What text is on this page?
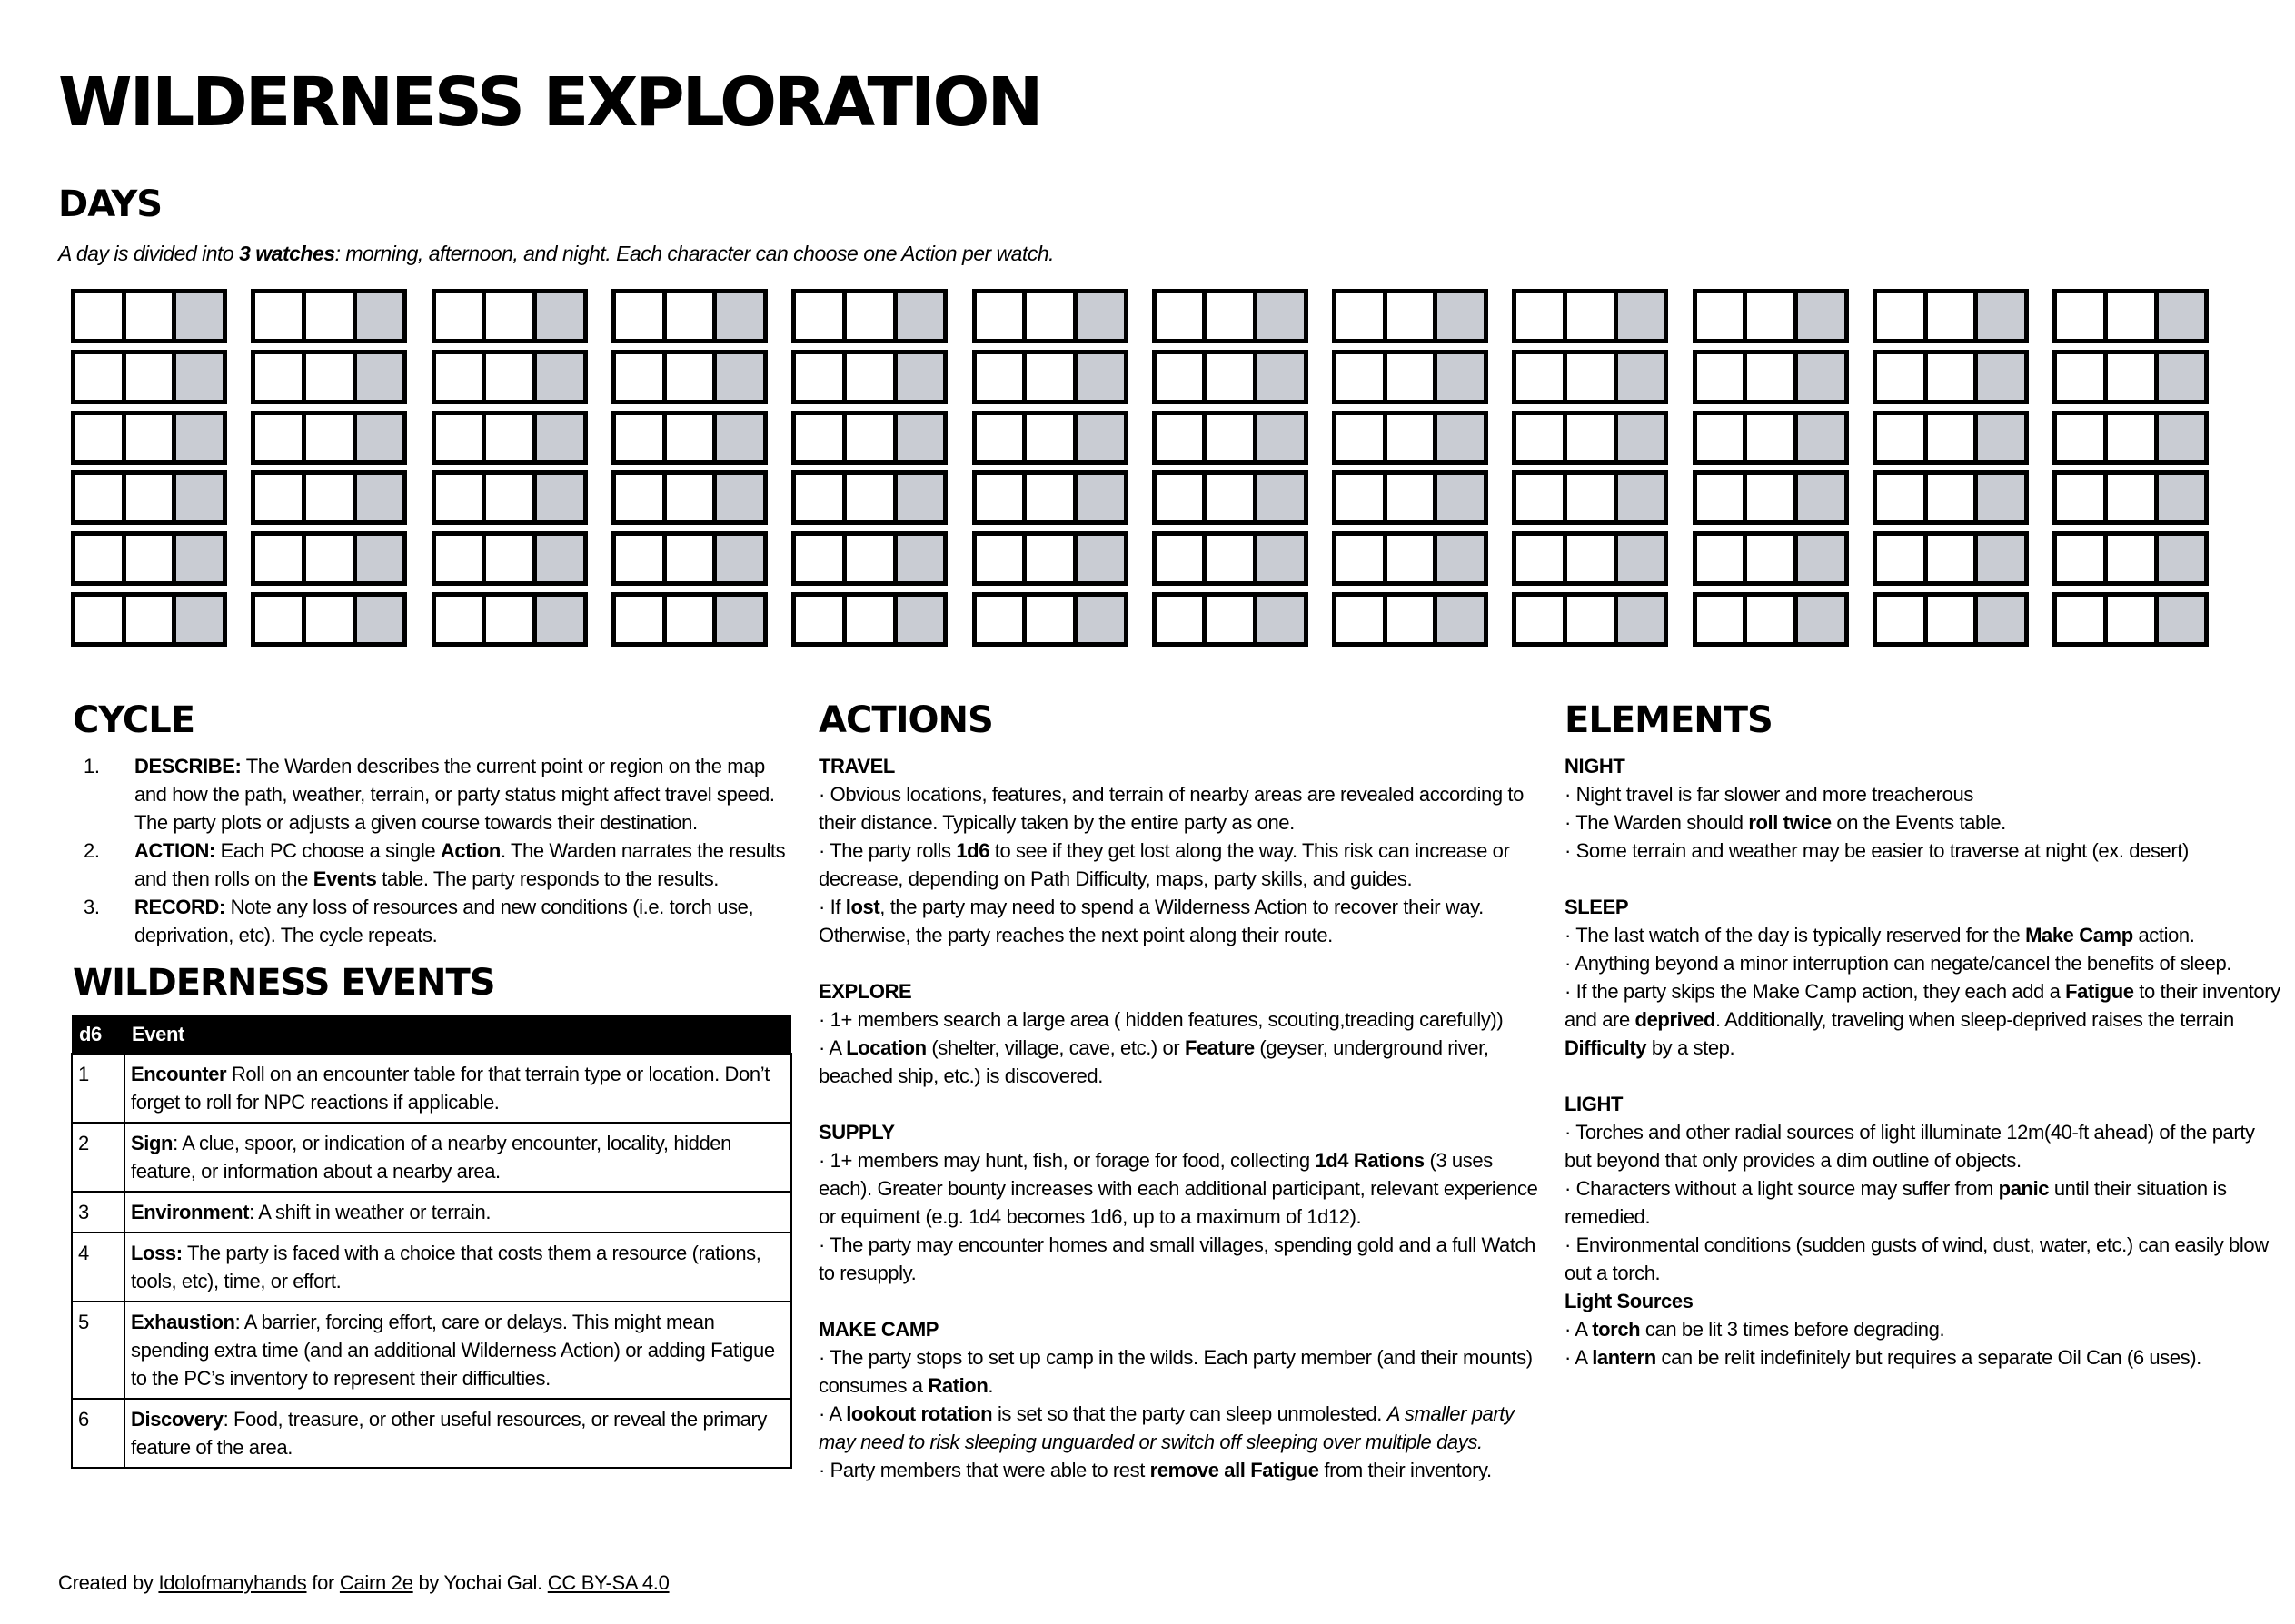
WILDERNESS EXPLORATION
DAYS
A day is divided into 3 watches: morning, afternoon, and night. Each character can choose one Action per watch.
CYCLE
1.	DESCRIBE: The Warden describes the current point or region on the map and how the path, weather, terrain, or party status might affect travel speed. The party plots or adjusts a given course towards their destination.
2.	ACTION: Each PC choose a single Action. The Warden narrates the results and then rolls on the Events table. The party responds to the results.
3.	RECORD: Note any loss of resources and new conditions (i.e. torch use, deprivation, etc). The cycle repeats.
WILDERNESS EVENTS
d6	Event
1	Encounter Roll on an encounter table for that terrain type or location. Don’t forget to roll for NPC reactions if applicable.
2	Sign: A clue, spoor, or indication of a nearby encounter, locality, hidden feature, or information about a nearby area.
3	Environment: A shift in weather or terrain.
4	Loss: The party is faced with a choice that costs them a resource (rations, tools, etc), time, or effort.
5	Exhaustion: A barrier, forcing effort, care or delays. This might mean spending extra time (and an additional Wilderness Action) or adding Fatigue to the PC’s inventory to represent their difficulties.
6	Discovery: Food, treasure, or other useful resources, or reveal the primary feature of the area.
ACTIONS

TRAVEL

· Obvious locations, features, and terrain of nearby areas are revealed according to their distance. Typically taken by the entire party as one.

· The party rolls 1d6 to see if they get lost along the way. This risk can increase or decrease, depending on Path Difficulty, maps, party skills, and guides.

· If lost, the party may need to spend a Wilderness Action to recover their way. Otherwise, the party reaches the next point along their route.

EXPLORE

· 1+ members search a large area ( hidden features, scouting,treading carefully))

· A Location (shelter, village, cave, etc.) or Feature (geyser, underground river, beached ship, etc.) is discovered.

SUPPLY

· 1+ members may hunt, fish, or forage for food, collecting 1d4 Rations (3 uses each). Greater bounty increases with each additional participant, relevant experience or equiment (e.g. 1d4 becomes 1d6, up to a maximum of 1d12).

· The party may encounter homes and small villages, spending gold and a full Watch to resupply.

MAKE CAMP

· The party stops to set up camp in the wilds. Each party member (and their mounts) consumes a Ration.

· A lookout rotation is set so that the party can sleep unmolested. A smaller party may need to risk sleeping unguarded or switch off sleeping over multiple days.

· Party members that were able to rest remove all Fatigue from their inventory.

ELEMENTS

NIGHT

· Night travel is far slower and more treacherous

· The Warden should roll twice on the Events table.

· Some terrain and weather may be easier to traverse at night (ex. desert)

SLEEP

· The last watch of the day is typically reserved for the Make Camp action.

· Anything beyond a minor interruption can negate/cancel the benefits of sleep.

· If the party skips the Make Camp action, they each add a Fatigue to their inventory and are deprived. Additionally, traveling when sleep-deprived raises the terrain Difficulty by a step.

LIGHT

· Torches and other radial sources of light illuminate 12m(40-ft ahead) of the party but beyond that only provides a dim outline of objects.

· Characters without a light source may suffer from panic until their situation is remedied.

· Environmental conditions (sudden gusts of wind, dust, water, etc.) can easily blow out a torch.

Light Sources

· A torch can be lit 3 times before degrading.

· A lantern can be relit indefinitely but requires a separate Oil Can (6 uses).

Created by Idolofmanyhands for Cairn 2e by Yochai Gal. CC BY-SA 4.0
